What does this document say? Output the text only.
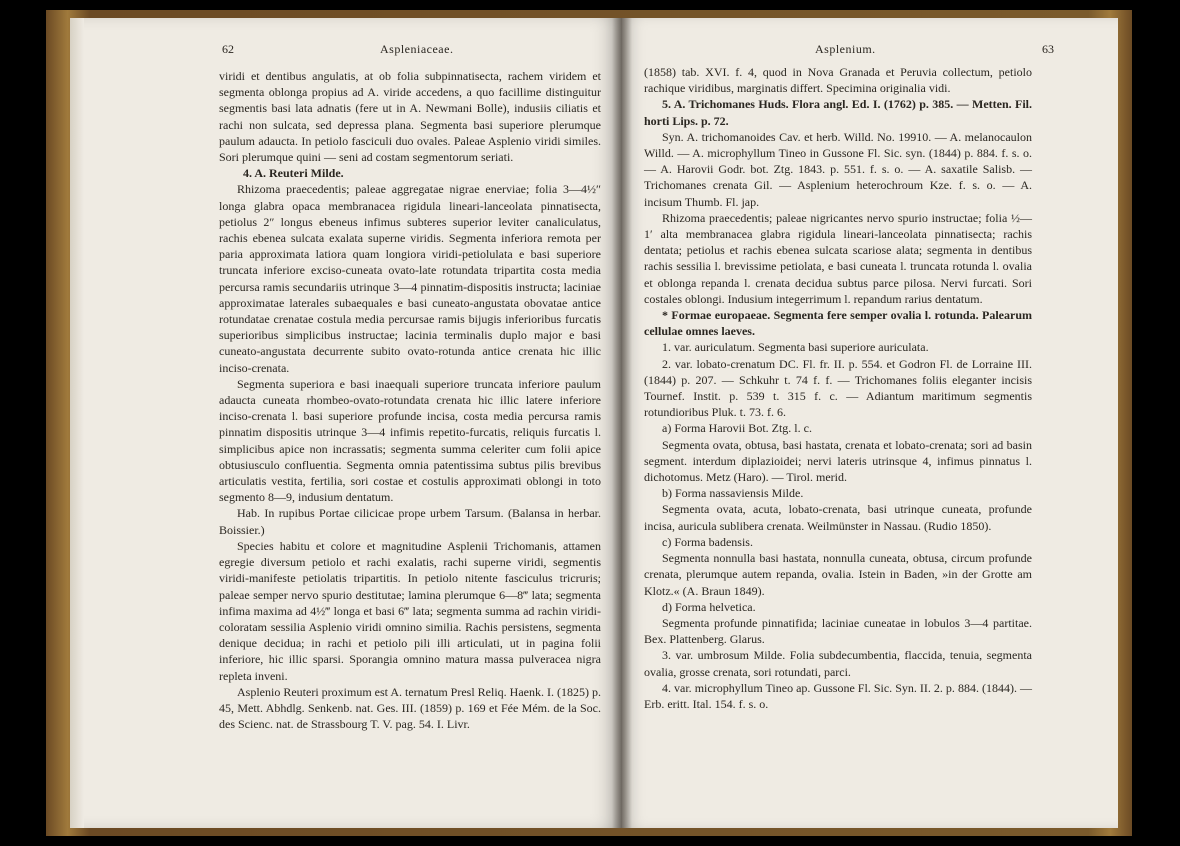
62	Aspleniaceae.	Asplenium.	63

viridi et dentibus angulatis, at ob folia subpinnatisecta, rachem viridem et segmenta oblonga propius ad A. viride accedens, a quo facillime distinguitur segmentis basi lata adnatis (fere ut in A. Newmani Bolle), indusiis ciliatis et rachi non sulcata, sed depressa plana. Segmenta basi superiore plerumque paulum adaucta. In petiolo fasciculi duo ovales. Paleae Asplenio viridi similes. Sori plerumque quini — seni ad costam segmentorum seriati.

4. A. Reuteri Milde.

Rhizoma praecedentis; paleae aggregatae nigrae enerviae; folia 3—4½″ longa glabra opaca membranacea rigidula lineari-lanceolata pinnatisecta, petiolus 2″ longus ebeneus infimus subteres superior leviter canaliculatus, rachis ebenea sulcata exalata superne viridis. Segmenta inferiora remota per paria approximata latiora quam longiora viridi-petiolulata e basi superiore truncata inferiore exciso-cuneata ovato-late rotundata tripartita costa media percursa ramis secundariis utrinque 3—4 pinnatim-dispositis instructa; laciniae approximatae laterales subaequales e basi cuneato-angustata obovatae antice rotundatae crenatae costula media percursae ramis bijugis inferioribus furcatis superioribus simplicibus instructae; lacinia terminalis duplo major e basi cuneato-angustata decurrente subito ovato-rotunda antice crenata hic illic inciso-crenata.

Segmenta superiora e basi inaequali superiore truncata inferiore paulum adaucta cuneata rhombeo-ovato-rotundata crenata hic illic latere inferiore inciso-crenata l. basi superiore profunde incisa, costa media percursa ramis pinnatim dispositis utrinque 3—4 infimis repetito-furcatis, reliquis furcatis l. simplicibus apice non incrassatis; segmenta summa celeriter cum folii apice obtusiusculo confluentia. Segmenta omnia patentissima subtus pilis brevibus articulatis vestita, fertilia, sori costae et costulis approximati oblongi in toto segmento 8—9, indusium dentatum.

Hab. In rupibus Portae cilicicae prope urbem Tarsum. (Balansa in herbar. Boissier.)

Species habitu et colore et magnitudine Asplenii Trichomanis, attamen egregie diversum petiolo et rachi exalatis, rachi superne viridi, segmentis viridi-manifeste petiolatis tripartitis. In petiolo nitente fasciculus tricruris; paleae semper nervo spurio destitutae; lamina plerumque 6—8‴ lata; segmenta infima maxima ad 4½‴ longa et basi 6‴ lata; segmenta summa ad rachin viridi-coloratam sessilia Asplenio viridi omnino similia. Rachis persistens, segmenta denique decidua; in rachi et petiolo pili illi articulati, ut in pagina folii inferiore, hic illic sparsi. Sporangia omnino matura massa pulveracea nigra repleta inveni.

Asplenio Reuteri proximum est A. ternatum Presl Reliq. Haenk. I. (1825) p. 45, Mett. Abhdlg. Senkenb. nat. Ges. III. (1859) p. 169 et Fée Mém. de la Soc. des Scienc. nat. de Strassbourg T. V. pag. 54. I. Livr.

(1858) tab. XVI. f. 4, quod in Nova Granada et Peruvia collectum, petiolo rachique viridibus, marginatis differt. Specimina originalia vidi.

5. A. Trichomanes Huds. Flora angl. Ed. I. (1762) p. 385. — Metten. Fil. horti Lips. p. 72.

Syn. A. trichomanoides Cav. et herb. Willd. No. 19910. — A. melanocaulon Willd. — A. microphyllum Tineo in Gussone Fl. Sic. syn. (1844) p. 884. f. s. o. — A. Harovii Godr. bot. Ztg. 1843. p. 551. f. s. o. — A. saxatile Salisb. — Trichomanes crenata Gil. — Asplenium heterochroum Kze. f. s. o. — A. incisum Thumb. Fl. jap.

Rhizoma praecedentis; paleae nigricantes nervo spurio instructae; folia ½—1′ alta membranacea glabra rigidula lineari-lanceolata pinnatisecta; rachis dentata; petiolus et rachis ebenea sulcata scariose alata; segmenta in dentibus rachis sessilia l. brevissime petiolata, e basi cuneata l. truncata rotunda l. ovalia et oblonga repanda l. crenata decidua subtus parce pilosa. Nervi furcati. Sori costales oblongi. Indusium integerrimum l. repandum rarius dentatum.

* Formae europaeae. Segmenta fere semper ovalia l. rotunda. Palearum cellulae omnes laeves.

1. var. auriculatum. Segmenta basi superiore auriculata.

2. var. lobato-crenatum DC. Fl. fr. II. p. 554. et Godron Fl. de Lorraine III. (1844) p. 207. — Schkuhr t. 74 f. f. — Trichomanes foliis eleganter incisis Tournef. Instit. p. 539 t. 315 f. c. — Adiantum maritimum segmentis rotundioribus Pluk. t. 73. f. 6.

a) Forma Harovii Bot. Ztg. l. c.

Segmenta ovata, obtusa, basi hastata, crenata et lobato-crenata; sori ad basin segment. interdum diplazioidei; nervi lateris utrinsque 4, infimus pinnatus l. dichotomus. Metz (Haro). — Tirol. merid.

b) Forma nassaviensis Milde.

Segmenta ovata, acuta, lobato-crenata, basi utrinque cuneata, profunde incisa, auricula sublibera crenata. Weilmünster in Nassau. (Rudio 1850).

c) Forma badensis.

Segmenta nonnulla basi hastata, nonnulla cuneata, obtusa, circum profunde crenata, plerumque autem repanda, ovalia. Istein in Baden, »in der Grotte am Klotz.« (A. Braun 1849).

d) Forma helvetica.

Segmenta profunde pinnatifida; laciniae cuneatae in lobulos 3—4 partitae. Bex. Plattenberg. Glarus.

3. var. umbrosum Milde. Folia subdecumbentia, flaccida, tenuia, segmenta ovalia, grosse crenata, sori rotundati, parci.

4. var. microphyllum Tineo ap. Gussone Fl. Sic. Syn. II. 2. p. 884. (1844). — Erb. eritt. Ital. 154. f. s. o.
